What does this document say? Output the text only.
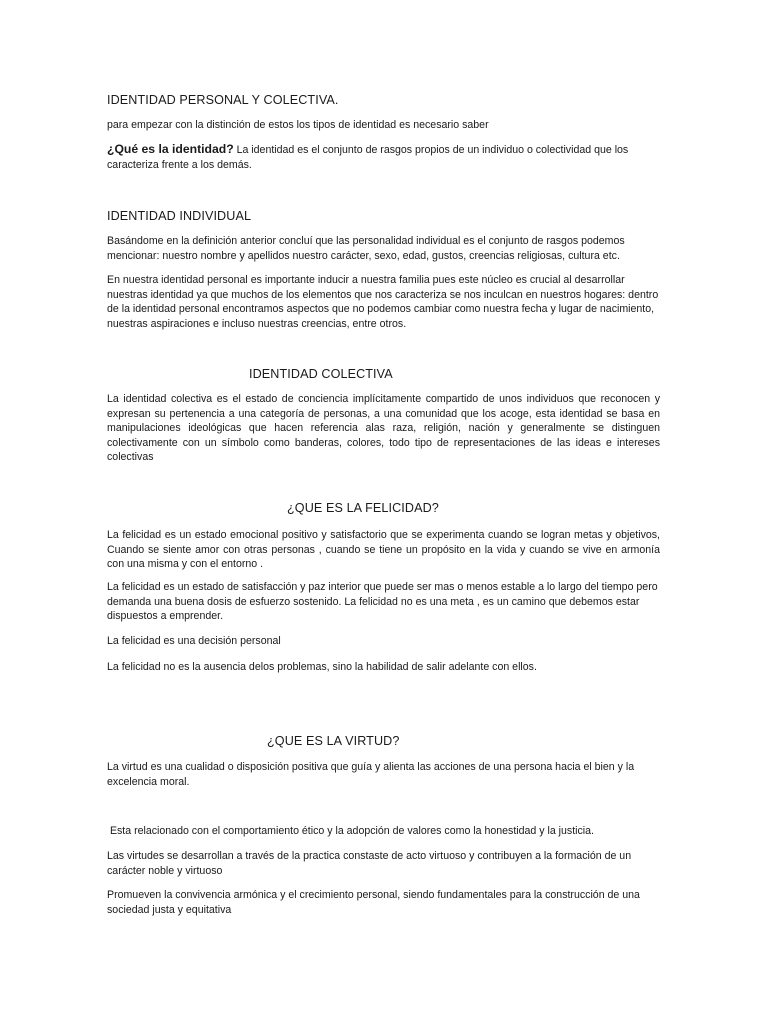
IDENTIDAD PERSONAL Y COLECTIVA.

para empezar con la distinción de estos los tipos de identidad es necesario saber

¿Qué es la identidad? La identidad es el conjunto de rasgos propios de un individuo o colectividad que los caracteriza frente a los demás.

IDENTIDAD INDIVIDUAL

Basándome en la definición anterior concluí que las personalidad individual es el conjunto de rasgos podemos mencionar: nuestro nombre y apellidos nuestro carácter, sexo, edad, gustos, creencias religiosas, cultura etc.

En nuestra identidad personal es importante inducir a nuestra familia pues este núcleo es crucial al desarrollar nuestras identidad ya que muchos de los elementos que nos caracteriza se nos inculcan en nuestros hogares: dentro de la identidad personal encontramos aspectos que no podemos cambiar como nuestra fecha y lugar de nacimiento, nuestras aspiraciones e incluso nuestras creencias, entre otros.

IDENTIDAD COLECTIVA

La identidad colectiva es el estado de conciencia implícitamente compartido de unos individuos que reconocen y expresan su pertenencia a una categoría de personas, a una comunidad que los acoge, esta identidad se basa en manipulaciones ideológicas que hacen referencia alas raza, religión, nación y generalmente se distinguen colectivamente con un símbolo como banderas, colores, todo tipo de representaciones de las ideas e intereses colectivas

¿QUE ES LA FELICIDAD?

La felicidad es un estado emocional positivo y satisfactorio que se experimenta cuando se logran metas y objetivos, Cuando se siente amor con otras personas , cuando se tiene un propósito en la vida y cuando se vive en armonía con una misma y con el entorno .

La felicidad es un estado de satisfacción y paz interior que puede ser mas o menos estable a lo largo del tiempo pero demanda una buena dosis de esfuerzo sostenido. La felicidad no es una meta , es un camino que debemos estar dispuestos a emprender.

La felicidad es una decisión personal

La felicidad no es la ausencia delos problemas, sino la habilidad de salir adelante con ellos.

¿QUE ES LA VIRTUD?

La virtud es una cualidad o disposición positiva que guía y alienta las acciones de una persona hacia el bien y la excelencia moral.

Esta relacionado con el comportamiento ético y la adopción de valores como la honestidad y la justicia.

Las virtudes se desarrollan a través de la practica constaste de acto virtuoso y contribuyen a la formación de un  carácter noble y virtuoso

Promueven la convivencia armónica y el crecimiento personal, siendo fundamentales para la construcción de una sociedad justa y equitativa
